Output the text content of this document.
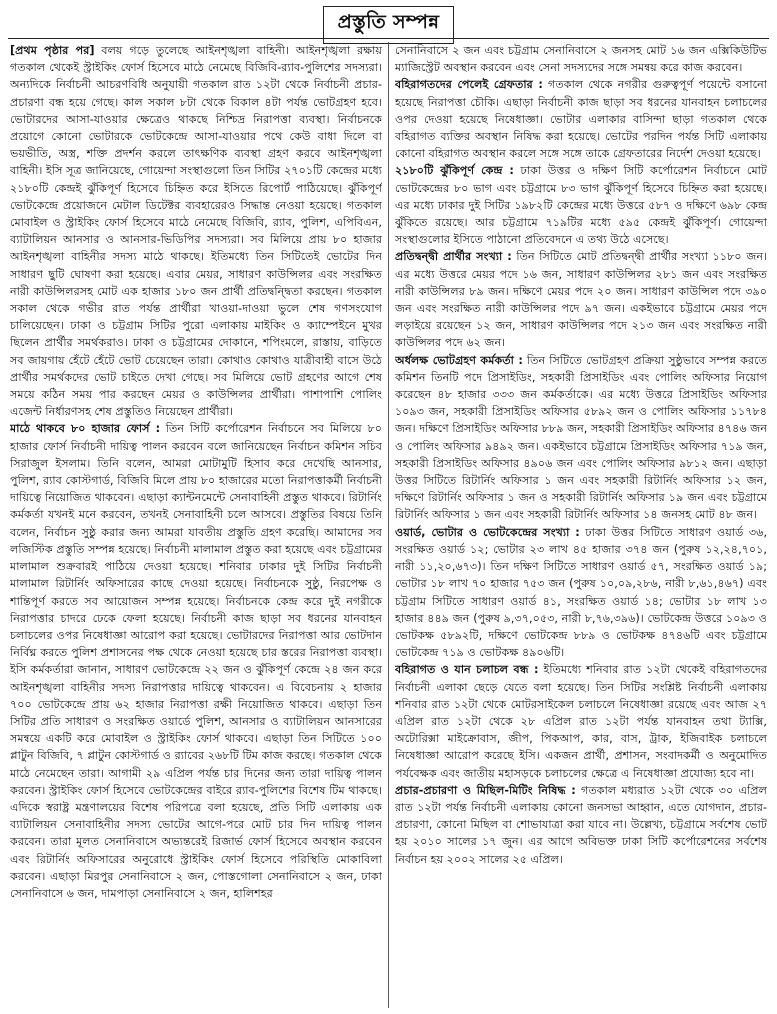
প্রস্তুতি সম্পন্ন

[প্রথম পৃষ্ঠার পর] বলয় গড়ে তুলেছে আইনশৃঙ্খলা বাহিনী। আইনশৃঙ্খলা রক্ষায় গতকাল থেকেই স্ট্রাইকিং ফোর্স হিসেবে মাঠে নেমেছে বিজিবি-র‍্যাব-পুলিশের সদস্যরা। অন্যদিকে নির্বাচনী আচরণবিধি অনুযায়ী গতকাল রাত ১২টা থেকে নির্বাচনী প্রচার-প্রচারণা বন্ধ হয়ে গেছে। কাল সকাল ৮টা থেকে বিকাল ৪টা পর্যন্ত ভোটগ্রহণ হবে। ভোটারদের আসা-যাওয়ার ক্ষেত্রেও থাকছে নিশ্চিদ্র নিরাপত্তা ব্যবস্থা। নির্বাচনকে প্রয়োগে কোনো ভোটারকে ভোটকেন্দ্রে আসা-যাওয়ার পথে কেউ বাধা দিলে বা ভয়ভীতি, অস্ত্র, শক্তি প্রদর্শন করলে তাৎক্ষণিক ব্যবস্থা গ্রহণ করবে আইনশৃঙ্খলা বাহিনী। ইসি সূত্র জানিয়েছে, গোয়েন্দা সংস্থাগুলো তিন সিটির ২৭০১টি কেন্দ্রের মধ্যে ২১৮০টি কেন্দ্রই ঝুঁকিপূর্ণ হিসেবে চিহ্নিত করে ইসিতে রিপোর্ট পাঠিয়েছে। ঝুঁকিপূর্ণ ভোটকেন্দ্রে প্রয়োজনে মেটাল ডিটেক্টর ব্যবহারেরও সিদ্ধান্ত নেওয়া হয়েছে। গতকাল মোবাইল ও স্ট্রাইকিং ফোর্স হিসেবে মাঠে নেমেছে বিজিবি, র‍্যাব, পুলিশ, এপিবিএন, ব্যাটালিয়ন আনসার ও আনসার-ভিডিপির সদস্যরা। সব মিলিয়ে প্রায় ৮০ হাজার আইনশৃঙ্খলা বাহিনীর সদস্য মাঠে থাকছে। ইতিমধ্যে তিন সিটিতেই ভোটের দিন সাধারণ ছুটি ঘোষণা করা হয়েছে। এবার মেয়র, সাধারণ কাউন্সিলর এবং সংরক্ষিত নারী কাউন্সিলরসহ মোট এক হাজার ১৮০ জন প্রার্থী প্রতিদ্বন্দ্বিতা করছেন। গতকাল সকাল থেকে গভীর রাত পর্যন্ত প্রার্থীরা খাওয়া-দাওয়া ভুলে শেষ গণসংযোগ চালিয়েছেন। ঢাকা ও চট্টগ্রাম সিটির পুরো এলাকায় মাইকিং ও ক্যাম্পেইনে মুখর ছিলেন প্রার্থীর সমর্থকরাও। ঢাকা ও চট্টগ্রামের দোকানে, শপিংমলে, রাস্তায়, বাড়িতে সব জায়গায় হেঁটে হেঁটে ভোট চেয়েছেন তারা। কোথাও কোথাও যাত্রীবাহী বাসে উঠে প্রার্থীর সমর্থকদের ভোট চাইতে দেখা গেছে। সব মিলিয়ে ভোট গ্রহণের আগে শেষ সময়ে কঠিন সময় পার করছেন মেয়র ও কাউন্সিলর প্রার্থীরা। পাশাপাশি পোলিং এজেন্ট নির্ধারণসহ শেষ প্রস্তুতিও নিয়েছেন প্রার্থীরা।

মাঠে থাকবে ৮০ হাজার ফোর্স : তিন সিটি কর্পোরেশন নির্বাচনে সব মিলিয়ে ৮০ হাজার ফোর্স নির্বাচনী দায়িত্ব পালন করবেন বলে জানিয়েছেন নির্বাচন কমিশন সচিব সিরাজুল ইসলাম। তিনি বলেন, আমরা মোটামুটি হিসাব করে দেখেছি আনসার, পুলিশ, র‍্যাব কোস্টগার্ড, বিজিবি মিলে প্রায় ৮০ হাজারের মতো নিরাপত্তাকর্মী নির্বাচনী দায়িত্বে নিয়োজিত থাকবেন। এছাড়া ক্যান্টনমেন্টে সেনাবাহিনী প্রস্তুত থাকবে। রিটার্নিং কর্মকর্তা যখনই মনে করবেন, তখনই সেনাবাহিনী চলে আসবে। প্রস্তুতির বিষয়ে তিনি বলেন, নির্বাচন সুষ্ঠু করার জন্য আমরা যাবতীয় প্রস্তুতি গ্রহণ করেছি। আমাদের সব লজিস্টিক প্রস্তুতি সম্পন্ন হয়েছে। নির্বাচনী মালামাল প্রস্তুত করা হয়েছে এবং চট্টগ্রামের মালামাল শুক্রবারই পাঠিয়ে দেওয়া হয়েছে। শনিবার ঢাকার দুই সিটির নির্বাচনী মালামাল রিটার্নিং অফিসারের কাছে দেওয়া হয়েছে। নির্বাচনকে সুষ্ঠু, নিরপেক্ষ ও শান্তিপূর্ণ করতে সব আয়োজন সম্পন্ন হয়েছে। নির্বাচনকে কেন্দ্র করে দুই নগরীকে নিরাপত্তার চাদরে ঢেকে ফেলা হয়েছে। নির্বাচনী কাজ ছাড়া সব ধরনের যানবাহন চলাচলের ওপর নিষেধাজ্ঞা আরোপ করা হয়েছে। ভোটারদের নিরাপত্তা আর ভোটদান নির্বিঘ্ন করতে পুলিশ প্রশাসনের পক্ষ থেকে নেওয়া হয়েছে চার স্তরের নিরাপত্তা ব্যবস্থা। ইসি কর্মকর্তারা জানান, সাধারণ ভোটকেন্দ্রে ২২ জন ও ঝুঁকিপূর্ণ কেন্দ্রে ২৪ জন করে আইনশৃঙ্খলা বাহিনীর সদস্য নিরাপত্তার দায়িত্বে থাকবেন। এ বিবেচনায় ২ হাজার ৭০০ ভোটকেন্দ্রে প্রায় ৬২ হাজার নিরাপত্তা রক্ষী নিয়োজিত থাকবে। এছাড়া তিন সিটির প্রতি সাধারণ ও সংরক্ষিত ওয়ার্ডে পুলিশ, আনসার ও ব্যাটালিয়ন আনসারের সমন্বয়ে একটি করে মোবাইল ও স্ট্রাইকিং ফোর্স থাকবে। এছাড়া তিন সিটিতে ১০০ প্লাটুন বিজিবি, ৭ প্লাটুন কোস্টগার্ড ও র‍্যাবের ২৬৮টি টিম কাজ করছে। গতকাল থেকে মাঠে নেমেছেন তারা। আগামী ২৯ এপ্রিল পর্যন্ত চার দিনের জন্য তারা দায়িত্ব পালন করবেন। স্ট্রাইকিং ফোর্স হিসেবে ভোটকেন্দ্রের বাইরে র‍্যাব-পুলিশের বিশেষ টিম থাকছে। এদিকে স্বরাষ্ট্র মন্ত্রণালয়ের বিশেষ পরিপত্রে বলা হয়েছে, প্রতি সিটি এলাকায় এক ব্যাটালিয়ন সেনাবাহিনীর সদস্য ভোটের আগে-পরে মোট চার দিন দায়িত্ব পালন করবেন। তারা মূলত সেনানিবাসে অভ্যন্তরেই রিজার্ভ ফোর্স হিসেবে অবস্থান করবেন এবং রিটার্নিং অফিসারের অনুরোধে স্ট্রাইকিং ফোর্স হিসেবে পরিস্থিতি মোকাবিলা করবেন। এছাড়া মিরপুর সেনানিবাসে ২ জন, পোস্তগোলা সেনানিবাসে ২ জন, ঢাকা সেনানিবাসে ৬ জন, দামপাড়া সেনানিবাসে ২ জন, হালিশহর

সেনানিবাসে ২ জন এবং চট্টগ্রাম সেনানিবাসে ২ জনসহ মোট ১৬ জন এক্সিকিউটিভ ম্যাজিস্ট্রেট অবস্থান করবেন এবং সেনা সদস্যদের সঙ্গে সমন্বয় করে কাজ করবেন।

বহিরাগতদের পেলেই গ্রেফতার : গতকাল থেকে নগরীর গুরুত্বপূর্ণ পয়েন্টে বসানো হয়েছে নিরাপত্তা চৌকি। এছাড়া নির্বাচনী কাজ ছাড়া সব ধরনের যানবাহন চলাচলের ওপর দেওয়া হয়েছে নিষেধাজ্ঞা। ভোটার এলাকার বাসিন্দা ছাড়া গতকাল থেকে বহিরাগত ব্যক্তির অবস্থান নিষিদ্ধ করা হয়েছে। ভোটের পরদিন পর্যন্ত সিটি এলাকায় কোনো বহিরাগত অবস্থান করলে সঙ্গে সঙ্গে তাকে গ্রেফতারের নির্দেশ দেওয়া হয়েছে।

২১৮০টি ঝুঁকিপূর্ণ কেন্দ্র : ঢাকা উত্তর ও দক্ষিণ সিটি কর্পোরেশন নির্বাচনে মোট ভোটকেন্দ্রের ৮০ ভাগ এবং চট্টগ্রামে ৮৩ ভাগ ঝুঁকিপূর্ণ হিসেবে চিহ্নিত করা হয়েছে। এর মধ্যে ঢাকার দুই সিটির ১৯৮২টি কেন্দ্রের মধ্যে উত্তরে ৫৮৭ ও দক্ষিণে ৬৯৮ কেন্দ্র ঝুঁকিতে রয়েছে। আর চট্টগ্রামে ৭১৯টির মধ্যে ৫৯৫ কেন্দ্রই ঝুঁকিপূর্ণ। গোয়েন্দা সংস্থাগুলোর ইসিতে পাঠানো প্রতিবেদনে এ তথ্য উঠে এসেছে।

প্রতিদ্বন্দ্বী প্রার্থীর সংখ্যা : তিন সিটিতে মোট প্রতিদ্বন্দ্বী প্রার্থীর সংখ্যা ১১৮০ জন। এর মধ্যে উত্তরে মেয়র পদে ১৬ জন, সাধারণ কাউন্সিলর ২৮১ জন এবং সংরক্ষিত নারী কাউন্সিলর ৮৯ জন। দক্ষিণে মেয়র পদে ২০ জন। সাধারণ কাউন্সিল পদে ৩৯০ জন এবং সংরক্ষিত নারী কাউন্সিলর পদে ৯৭ জন। একইভাবে চট্টগ্রামে মেয়র পদে লড়াইয়ে রয়েছেন ১২ জন, সাধারণ কাউন্সিলর পদে ২১৩ জন এবং সংরক্ষিত নারী কাউন্সিলর পদে ৬২ জন।

অর্ধলক্ষ ভোটগ্রহণ কর্মকর্তা : তিন সিটিতে ভোটগ্রহণ প্রক্রিয়া সুষ্ঠুভাবে সম্পন্ন করতে কমিশন তিনটি পদে প্রিসাইডিং, সহকারী প্রিসাইডিং এবং পোলিং অফিসার নিয়োগ করেছেন ৪৮ হাজার ৩৩৩ জন কর্মকর্তাকে। এর মধ্যে উত্তরে প্রিসাইডিং অফিসার ১০৯৩ জন, সহকারী প্রিসাইডিং অফিসার ৫৮৯২ জন ও পোলিং অফিসার ১১৭৮৪ জন। দক্ষিণে প্রিসাইডিং অফিসার ৮৮৯ জন, সহকারী প্রিসাইডিং অফিসার ৪৭৪৬ জন ও পোলিং অফিসার ৯৪৯২ জন। একইভাবে চট্টগ্রামে প্রিসাইডিং অফিসার ৭১৯ জন, সহকারী প্রিসাইডিং অফিসার ৪৯০৬ জন এবং পোলিং অফিসার ৯৮১২ জন। এছাড়া উত্তর সিটিতে রিটার্নিং অফিসার ১ জন এবং সহকারী রিটার্নিং অফিসার ১২ জন, দক্ষিণে রিটার্নিং অফিসার ১ জন ও সহকারী রিটার্নিং অফিসার ১৯ জন এবং চট্টগ্রামে রিটার্নিং অফিসার ১ জন এবং সহকারী রিটার্নিং অফিসার ১৪ জনসহ মোট ৪৮ জন।

ওয়ার্ড, ভোটার ও ভোটকেন্দ্রের সংখ্যা : ঢাকা উত্তর সিটিতে সাধারণ ওয়ার্ড ৩৬, সংরক্ষিত ওয়ার্ড ১২; ভোটার ২৩ লাখ ৪৫ হাজার ৩৭৪ জন (পুরুষ ১২,২৪,৭০১, নারী ১১,২০,৬৭৩)। তিন দক্ষিণ সিটিতে সাধারণ ওয়ার্ড ৫৭, সংরক্ষিত ওয়ার্ড ১৯; ভোটার ১৮ লাখ ৭০ হাজার ৭৫৩ জন (পুরুষ ১০,০৯,২৮৬, নারী ৮,৬১,৪৬৭) এবং চট্টগ্রাম সিটিতে সাধারণ ওয়ার্ড ৪১, সংরক্ষিত ওয়ার্ড ১৪; ভোটার ১৮ লাখ ১৩ হাজার ৪৪৯ জন (পুরুষ ৯,৩৭,০৫৩, নারী ৮,৭৬,৩৯৬)। ভোটকেন্দ্র উত্তরে ১০৯৩ ও ভোটকক্ষ ৫৮৯২টি, দক্ষিণে ভোটকেন্দ্র ৮৮৯ ও ভোটকক্ষ ৪৭৪৬টি এবং চট্টগ্রামে ভোটকেন্দ্র ৭১৯ ও ভোটকক্ষ ৪৯০৬টি।

বহিরাগত ও যান চলাচল বন্ধ : ইতিমধ্যে শনিবার রাত ১২টা থেকেই বহিরাগতদের নির্বাচনী এলাকা ছেড়ে যেতে বলা হয়েছে। তিন সিটির সংশ্লিষ্ট নির্বাচনী এলাকায় শনিবার রাত ১২টা থেকে মোটরসাইকেল চলাচলে নিষেধাজ্ঞা রয়েছে এবং আজ ২৭ এপ্রিল রাত ১২টা থেকে ২৮ এপ্রিল রাত ১২টা পর্যন্ত যানবাহন তথা ট্যাক্সি, অটোরিক্সা মাইক্রোবাস, জীপ, পিকআপ, কার, বাস, ট্রাক, ইজিবাইক চলাচলে নিষেধাজ্ঞা আরোপ করেছে ইসি। একজন প্রার্থী, প্রশাসন, সংবাদকর্মী ও অনুমোদিত পর্যবেক্ষক এবং জাতীয় মহাসড়কে চলাচলের ক্ষেত্রে এ নিষেধাজ্ঞা প্রযোজ্য হবে না।

প্রচার-প্রচারণা ও মিছিল-মিটিং নিষিদ্ধ : গতকাল মধ্যরাত ১২টা থেকে ৩০ এপ্রিল রাত ১২টা পর্যন্ত নির্বাচনী এলাকায় কোনো জনসভা আহ্বান, এতে যোগদান, প্রচার-প্রচারণা, কোনো মিছিল বা শোভাযাত্রা করা যাবে না। উল্লেখ্য, চট্টগ্রামে সর্বশেষ ভোট হয় ২০১০ সালের ১৭ জুন। এর আগে অবিভক্ত ঢাকা সিটি কর্পোরেশনের সর্বশেষ নির্বাচন হয় ২০০২ সালের ২৫ এপ্রিল।
